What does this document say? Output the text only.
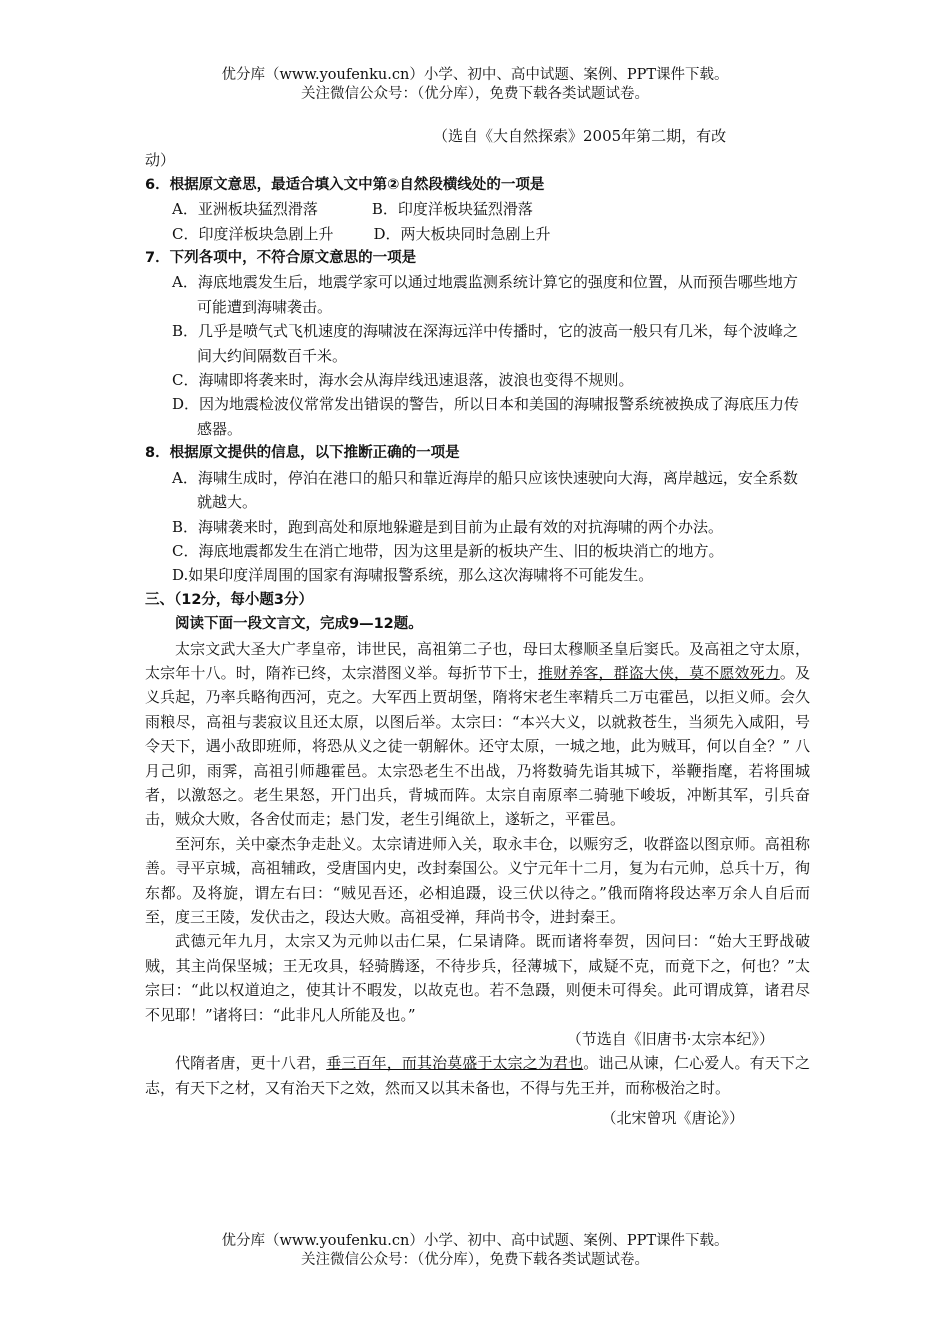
优分库（www.youfenku.cn）小学、初中、高中试题、案例、PPT课件下载。
关注微信公众号：（优分库），免费下载各类试题试卷。

（选自《大自然探索》2005年第二期，有改

动）

6．根据原文意思，最适合填入文中第②自然段横线处的一项是

A．亚洲板块猛烈滑落	B．印度洋板块猛烈滑落

C．印度洋板块急剧上升	D．两大板块同时急剧上升

7．下列各项中，不符合原文意思的一项是

A．海底地震发生后，地震学家可以通过地震监测系统计算它的强度和位置，从而预告哪些地方可能遭到海啸袭击。

B．几乎是喷气式飞机速度的海啸波在深海远洋中传播时，它的波高一般只有几米，每个波峰之间大约间隔数百千米。

C．海啸即将袭来时，海水会从海岸线迅速退落，波浪也变得不规则。

D．因为地震检波仪常常发出错误的警告，所以日本和美国的海啸报警系统被换成了海底压力传感器。

8．根据原文提供的信息，以下推断正确的一项是

A．海啸生成时，停泊在港口的船只和靠近海岸的船只应该快速驶向大海，离岸越远，安全系数就越大。

B．海啸袭来时，跑到高处和原地躲避是到目前为止最有效的对抗海啸的两个办法。

C．海底地震都发生在消亡地带，因为这里是新的板块产生、旧的板块消亡的地方。

D.如果印度洋周围的国家有海啸报警系统，那么这次海啸将不可能发生。

三、（12分，每小题3分）

阅读下面一段文言文，完成9—12题。

太宗文武大圣大广孝皇帝，讳世民，高祖第二子也，母曰太穆顺圣皇后窦氏。及高祖之守太原，太宗年十八。时，隋祚已终，太宗潜图义举。每折节下士，推财养客，群盗大侠，莫不愿效死力。及义兵起，乃率兵略徇西河，克之。大军西上贾胡堡，隋将宋老生率精兵二万屯霍邑，以拒义师。会久雨粮尽，高祖与裴寂议且还太原，以图后举。太宗曰：“本兴大义，以就救苍生，当须先入咸阳，号令天下，遇小敌即班师，将恐从义之徒一朝解休。还守太原，一城之地，此为贼耳，何以自全？” 八月己卯，雨霁，高祖引师趣霍邑。太宗恐老生不出战，乃将数骑先诣其城下，举鞭指麾，若将围城者，以激怒之。老生果怒，开门出兵，背城而阵。太宗自南原率二骑驰下峻坂，冲断其军，引兵奋击，贼众大败，各舍仗而走；悬门发，老生引绳欲上，遂斩之，平霍邑。

至河东，关中豪杰争走赴义。太宗请进师入关，取永丰仓，以赈穷乏，收群盗以图京师。高祖称善。寻平京城，高祖辅政，受唐国内史，改封秦国公。义宁元年十二月，复为右元帅，总兵十万，徇东都。及将旋，谓左右曰：“贼见吾还，必相追蹑，设三伏以待之。”俄而隋将段达率万余人自后而至，度三王陵，发伏击之，段达大败。高祖受禅，拜尚书令，进封秦王。

武德元年九月，太宗又为元帅以击仁杲，仁杲请降。既而诸将奉贺，因问曰：“始大王野战破贼，其主尚保坚城；王无攻具，轻骑腾逐，不待步兵，径薄城下，咸疑不克，而竟下之，何也？”太宗曰：“此以权道迫之，使其计不暇发，以故克也。若不急蹑，则便未可得矣。此可谓成算，诸君尽不见耶！”诸将曰：“此非凡人所能及也。”

（节选自《旧唐书·太宗本纪》）

代隋者唐，更十八君，垂三百年，而其治莫盛于太宗之为君也。诎己从谏，仁心爱人。有天下之志，有天下之材，又有治天下之效，然而又以其未备也，不得与先王并，而称极治之时。

（北宋曾巩《唐论》）

优分库（www.youfenku.cn）小学、初中、高中试题、案例、PPT课件下载。
关注微信公众号：（优分库），免费下载各类试题试卷。
